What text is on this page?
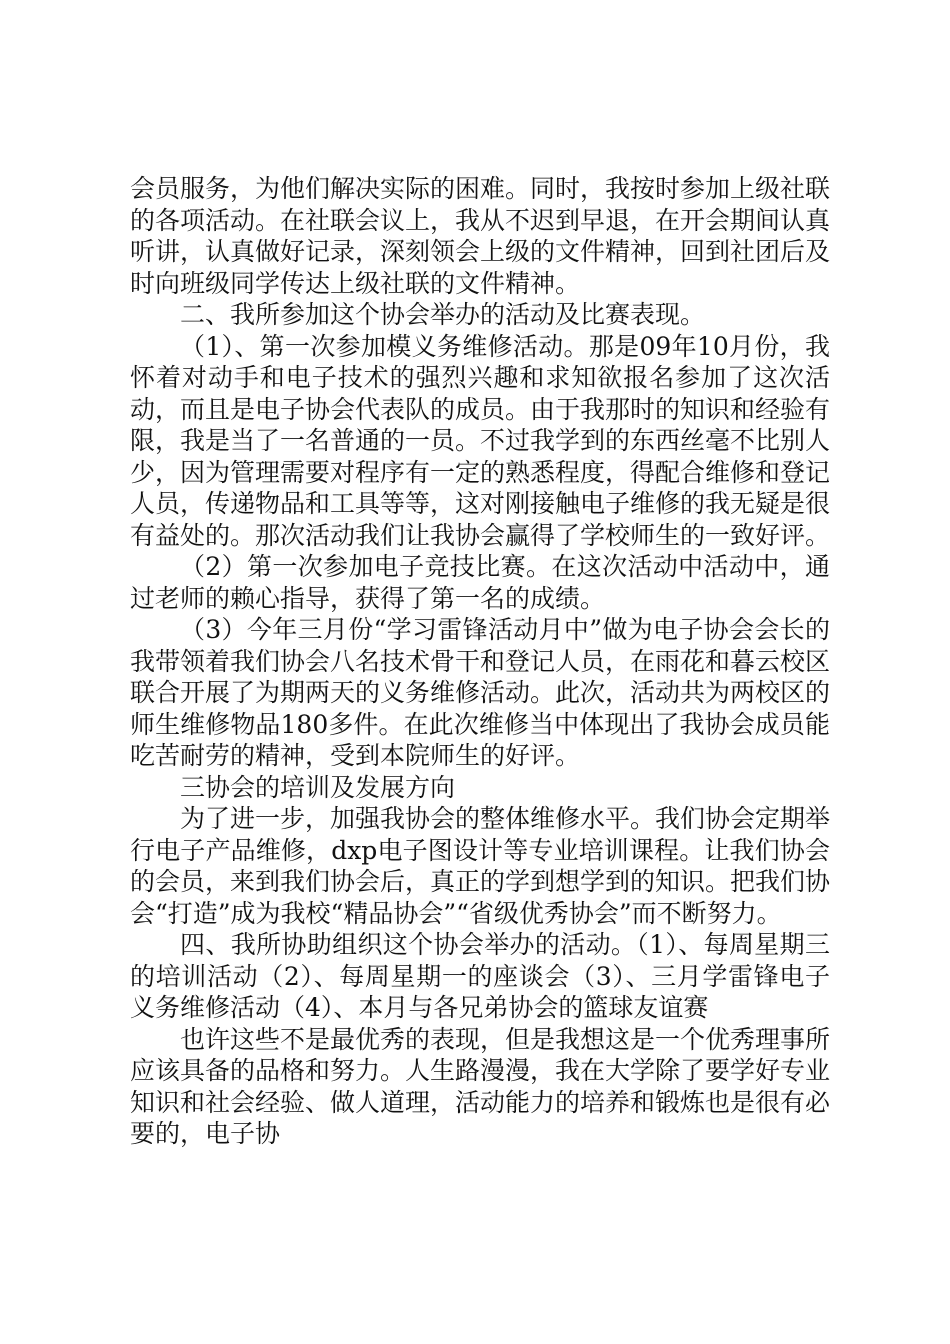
会员服务，为他们解决实际的困难。同时，我按时参加上级社联的各项活动。在社联会议上，我从不迟到早退，在开会期间认真听讲，认真做好记录，深刻领会上级的文件精神，回到社团后及时向班级同学传达上级社联的文件精神。

二、我所参加这个协会举办的活动及比赛表现。

（1）、第一次参加模义务维修活动。那是09年10月份，我怀着对动手和电子技术的强烈兴趣和求知欲报名参加了这次活动，而且是电子协会代表队的成员。由于我那时的知识和经验有限，我是当了一名普通的一员。不过我学到的东西丝毫不比别人少，因为管理需要对程序有一定的熟悉程度，得配合维修和登记人员，传递物品和工具等等，这对刚接触电子维修的我无疑是很有益处的。那次活动我们让我协会赢得了学校师生的一致好评。

（2）第一次参加电子竞技比赛。在这次活动中活动中，通过老师的赖心指导，获得了第一名的成绩。

（3）今年三月份“学习雷锋活动月中”做为电子协会会长的我带领着我们协会八名技术骨干和登记人员，在雨花和暮云校区联合开展了为期两天的义务维修活动。此次，活动共为两校区的师生维修物品180多件。在此次维修当中体现出了我协会成员能吃苦耐劳的精神，受到本院师生的好评。

三协会的培训及发展方向

为了进一步，加强我协会的整体维修水平。我们协会定期举行电子产品维修，dxp电子图设计等专业培训课程。让我们协会的会员，来到我们协会后，真正的学到想学到的知识。把我们协会“打造”成为我校“精品协会”“省级优秀协会”而不断努力。

四、我所协助组织这个协会举办的活动。（1）、每周星期三的培训活动（2）、每周星期一的座谈会（3）、三月学雷锋电子义务维修活动（4）、本月与各兄弟协会的篮球友谊赛

也许这些不是最优秀的表现，但是我想这是一个优秀理事所应该具备的品格和努力。人生路漫漫，我在大学除了要学好专业知识和社会经验、做人道理，活动能力的培养和锻炼也是很有必要的，电子协
